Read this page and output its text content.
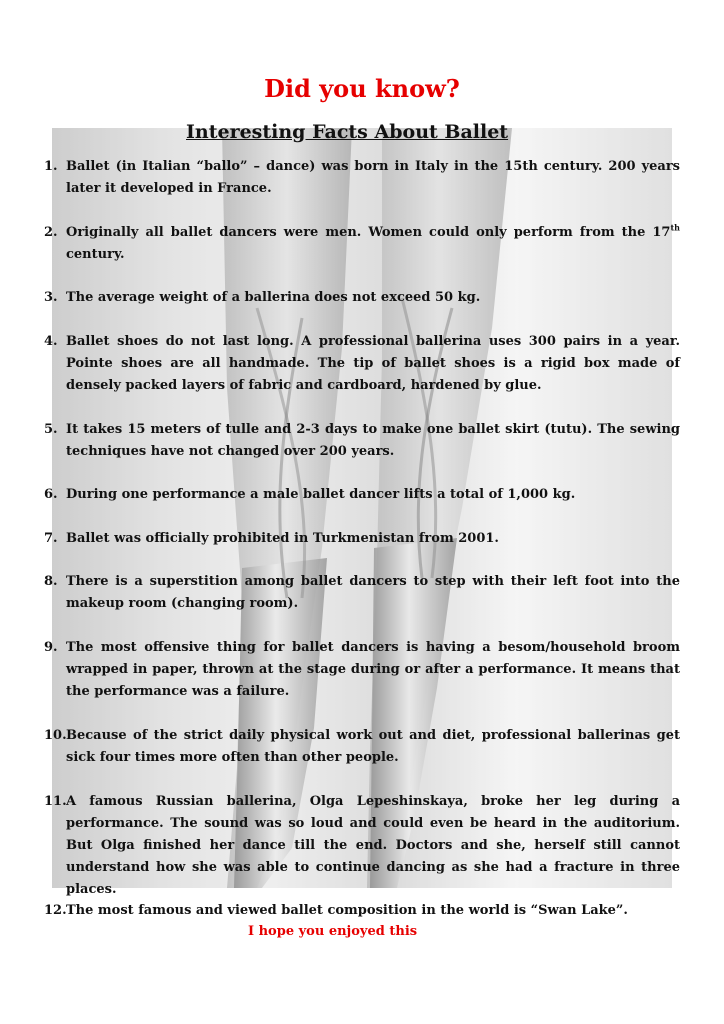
Did you know?
Interesting Facts About Ballet
1. Ballet (in Italian “ballo” – dance) was born in Italy in the 15th century. 200 years later it developed in France.
2. Originally all ballet dancers were men. Women could only perform from the 17th century.
3. The average weight of a ballerina does not exceed 50 kg.
4. Ballet shoes do not last long. A professional ballerina uses 300 pairs in a year. Pointe shoes are all handmade. The tip of ballet shoes is a rigid box made of densely packed layers of fabric and cardboard, hardened by glue.
5. It takes 15 meters of tulle and 2-3 days to make one ballet skirt (tutu). The sewing techniques have not changed over 200 years.
6. During one performance a male ballet dancer lifts a total of 1,000 kg.
7. Ballet was officially prohibited in Turkmenistan from 2001.
8. There is a superstition among ballet dancers to step with their left foot into the makeup room (changing room).
9. The most offensive thing for ballet dancers is having a besom/household broom wrapped in paper, thrown at the stage during or after a performance. It means that the performance was a failure.
10. Because of the strict daily physical work out and diet, professional ballerinas get sick four times more often than other people.
11. A famous Russian ballerina, Olga Lepeshinskaya, broke her leg during a performance. The sound was so loud and could even be heard in the auditorium. But Olga finished her dance till the end. Doctors and she, herself still cannot understand how she was able to continue dancing as she had a fracture in three places.
12. The most famous and viewed ballet composition in the world is “Swan Lake”.

I hope you enjoyed this
